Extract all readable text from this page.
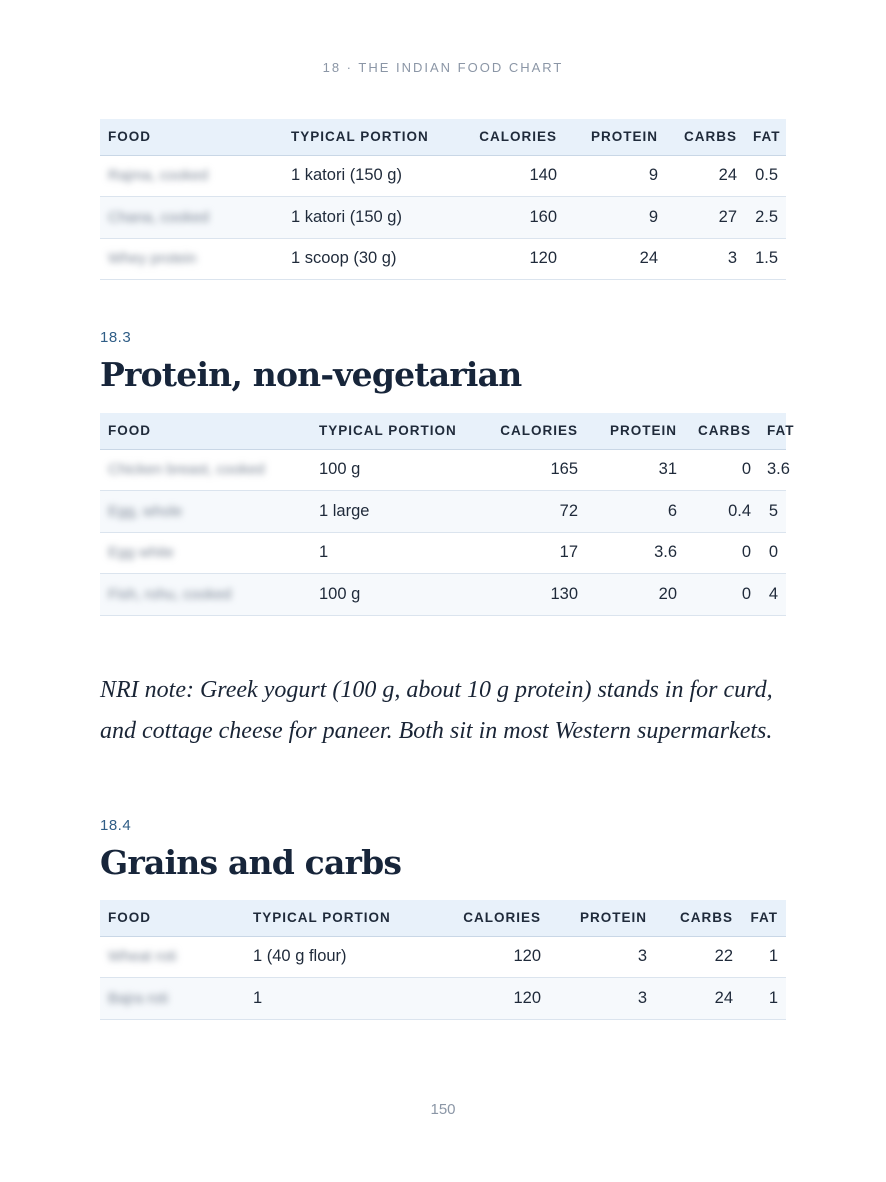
18 · THE INDIAN FOOD CHART
FOOD	TYPICAL PORTION	CALORIES	PROTEIN	CARBS	FAT
Rajma, cooked	1 katori (150 g)	140	9	24	0.5
Chana, cooked	1 katori (150 g)	160	9	27	2.5
Whey protein	1 scoop (30 g)	120	24	3	1.5
18.3
Protein, non-vegetarian
FOOD	TYPICAL PORTION	CALORIES	PROTEIN	CARBS	FAT
Chicken breast, cooked	100 g	165	31	0	3.6
Egg, whole	1 large	72	6	0.4	5
Egg white	1	17	3.6	0	0
Fish, rohu, cooked	100 g	130	20	0	4

NRI note: Greek yogurt (100 g, about 10 g protein) stands in for curd, and cottage cheese for paneer. Both sit in most Western supermarkets.

18.4
Grains and carbs
FOOD	TYPICAL PORTION	CALORIES	PROTEIN	CARBS	FAT
Wheat roti	1 (40 g flour)	120	3	22	1
Bajra roti	1	120	3	24	1
150
